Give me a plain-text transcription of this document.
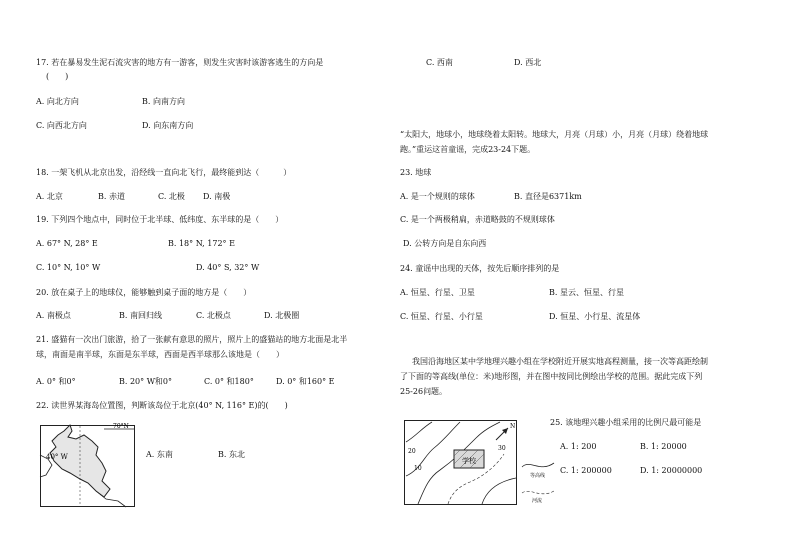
17. 若在暴易发生泥石流灾害的地方有一游客，则发生灾害时该游客逃生的方向是
(　　)
A. 向北方向	B. 向南方向
C. 向西北方向	D. 向东南方向
18. 一架飞机从北京出发，沿经线一直向北飞行，最终能到达（　　　）
A. 北京	B. 赤道	C. 北极 D. 南极
19. 下列四个地点中，同时位于北半球、低纬度、东半球的是（　　）
A. 67° N, 28° E	B. 18° N, 172° E
C. 10° N, 10° W	D. 40° S, 32° W
20. 放在桌子上的地球仪，能够触到桌子面的地方是（　　）
A. 南极点	B. 南回归线	C. 北极点	D. 北极圈
21. 盛猫有一次出门旅游，拾了一张献有意思的照片，照片上的盛猫站的地方北面是北半
球，南面是南半球，东面是东半球，西面是西半球那么该地是（　　）
A. 0° 和0°	B. 20° W和0°	C. 0° 和180°	D. 0° 和160° E
22. 读世界某海岛位置图，判断该岛位于北京(40° N, 116° E)的(　　)
70°N
40° W	A. 东南	B. 东北
C. 西南	D. 西北
“太阳大，地球小，地球绕着太阳转。地球大，月亮（月球）小，月亮（月球）绕着地球
跑。”重运这首童谣，完成23-24下题。
23. 地球
A. 是一个规则的球体	B. 直径是6371km
C. 是一个两极稍扁，赤道略鼓的不规则球体
D. 公转方向是自东向西
24. 童谣中出现的天体，按先后顺序排列的是
A. 恒星、行星、卫星	B. 星云、恒星、行星
C. 恒星、行星、小行星	D. 恒星、小行星、流星体
我国沿海地区某中学地理兴趣小组在学校附近开展实地高程测量，接一次等高距绘制
了下面的等高线(单位：米)地形图，并在图中按同比例绘出学校的范围。据此完成下列
25-26问题。
学校
N
10
20	30
等高线
河流
25. 该地理兴趣小组采用的比例尺最可能是
A. 1: 200	B. 1: 20000
C. 1: 200000	D. 1: 20000000
